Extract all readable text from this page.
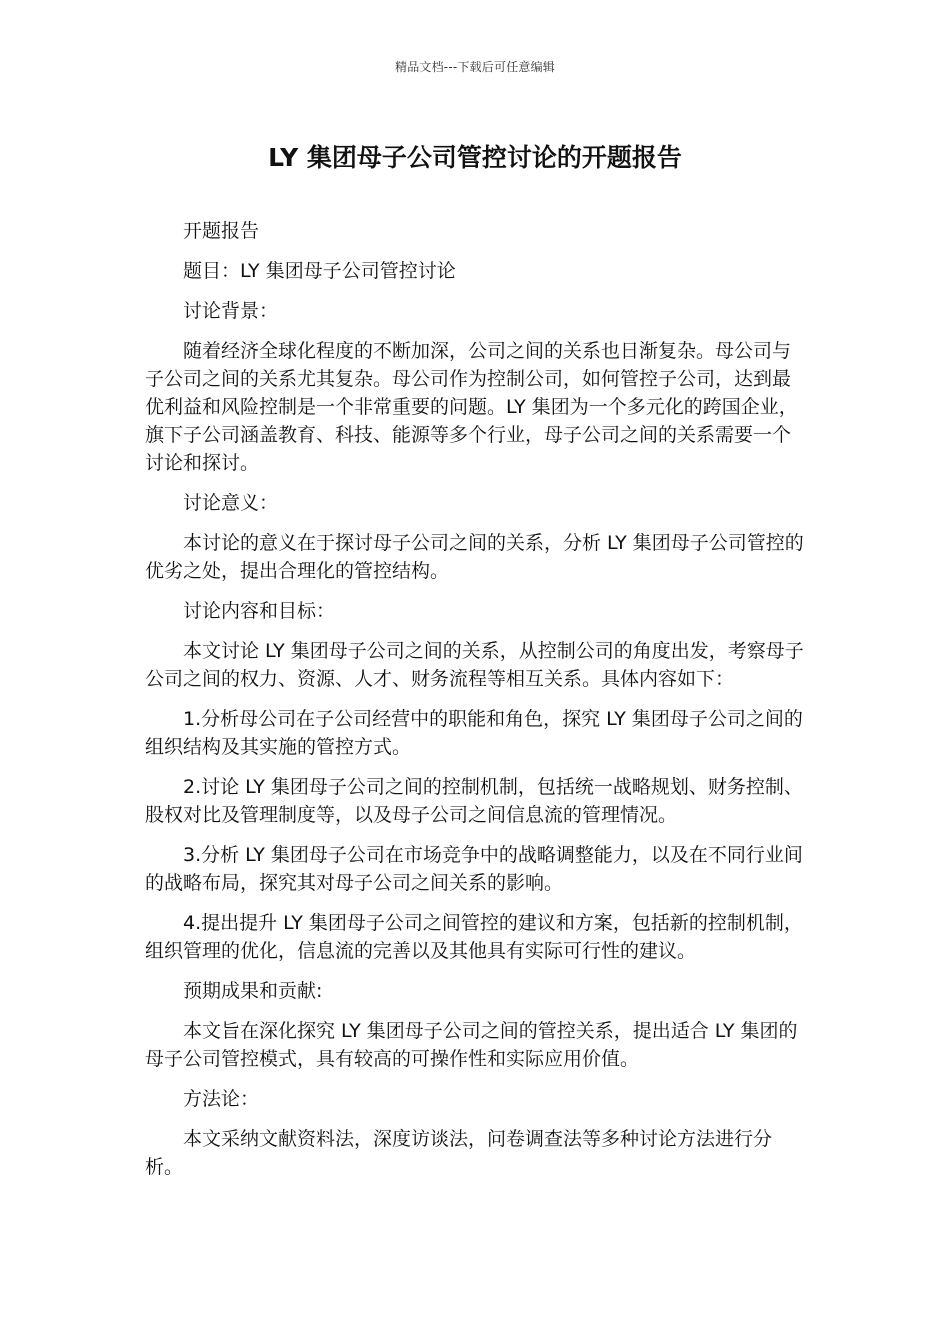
精品文档---下载后可任意编辑
LY 集团母子公司管控讨论的开题报告

开题报告

题目：LY 集团母子公司管控讨论

讨论背景：

随着经济全球化程度的不断加深，公司之间的关系也日渐复杂。母公司与子公司之间的关系尤其复杂。母公司作为控制公司，如何管控子公司，达到最优利益和风险控制是一个非常重要的问题。LY 集团为一个多元化的跨国企业，旗下子公司涵盖教育、科技、能源等多个行业，母子公司之间的关系需要一个讨论和探讨。

讨论意义：

本讨论的意义在于探讨母子公司之间的关系，分析 LY 集团母子公司管控的优劣之处，提出合理化的管控结构。

讨论内容和目标：

本文讨论 LY 集团母子公司之间的关系，从控制公司的角度出发，考察母子公司之间的权力、资源、人才、财务流程等相互关系。具体内容如下：

1.分析母公司在子公司经营中的职能和角色，探究 LY 集团母子公司之间的组织结构及其实施的管控方式。

2.讨论 LY 集团母子公司之间的控制机制，包括统一战略规划、财务控制、股权对比及管理制度等，以及母子公司之间信息流的管理情况。

3.分析 LY 集团母子公司在市场竞争中的战略调整能力，以及在不同行业间的战略布局，探究其对母子公司之间关系的影响。

4.提出提升 LY 集团母子公司之间管控的建议和方案，包括新的控制机制，组织管理的优化，信息流的完善以及其他具有实际可行性的建议。

预期成果和贡献:

本文旨在深化探究 LY 集团母子公司之间的管控关系，提出适合 LY 集团的母子公司管控模式，具有较高的可操作性和实际应用价值。

方法论：

本文采纳文献资料法，深度访谈法，问卷调查法等多种讨论方法进行分析。
